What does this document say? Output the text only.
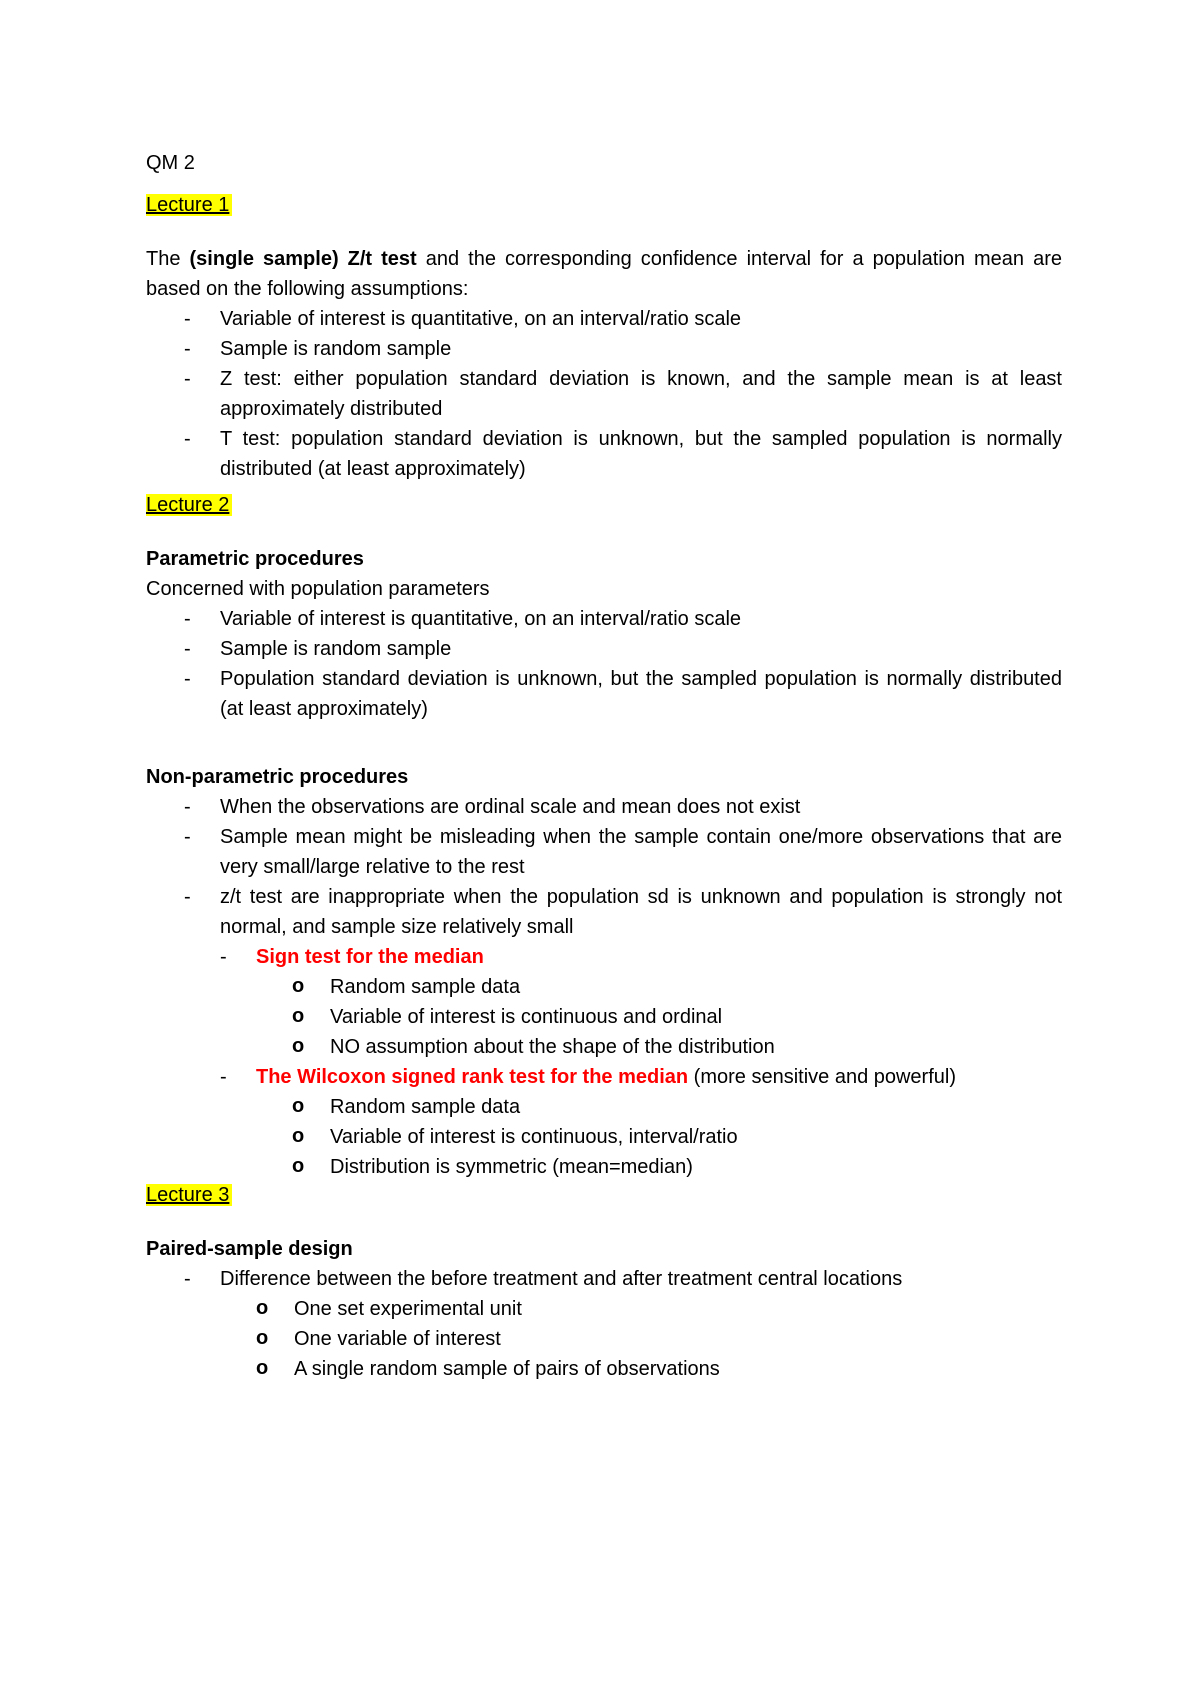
QM 2

Lecture 1

The (single sample) Z/t test and the corresponding confidence interval for a population mean are based on the following assumptions:

- Variable of interest is quantitative, on an interval/ratio scale
- Sample is random sample
- Z test: either population standard deviation is known, and the sample mean is at least approximately distributed
- T test: population standard deviation is unknown, but the sampled population is normally distributed (at least approximately)

Lecture 2

Parametric procedures

Concerned with population parameters

- Variable of interest is quantitative, on an interval/ratio scale
- Sample is random sample
- Population standard deviation is unknown, but the sampled population is normally distributed (at least approximately)

Non-parametric procedures

- When the observations are ordinal scale and mean does not exist
- Sample mean might be misleading when the sample contain one/more observations that are very small/large relative to the rest
- z/t test are inappropriate when the population sd is unknown and population is strongly not normal, and sample size relatively small
- Sign test for the median
o Random sample data
o Variable of interest is continuous and ordinal
o NO assumption about the shape of the distribution
- The Wilcoxon signed rank test for the median (more sensitive and powerful)
o Random sample data
o Variable of interest is continuous, interval/ratio
o Distribution is symmetric (mean=median)

Lecture 3

Paired-sample design

- Difference between the before treatment and after treatment central locations
o One set experimental unit
o One variable of interest
o A single random sample of pairs of observations
